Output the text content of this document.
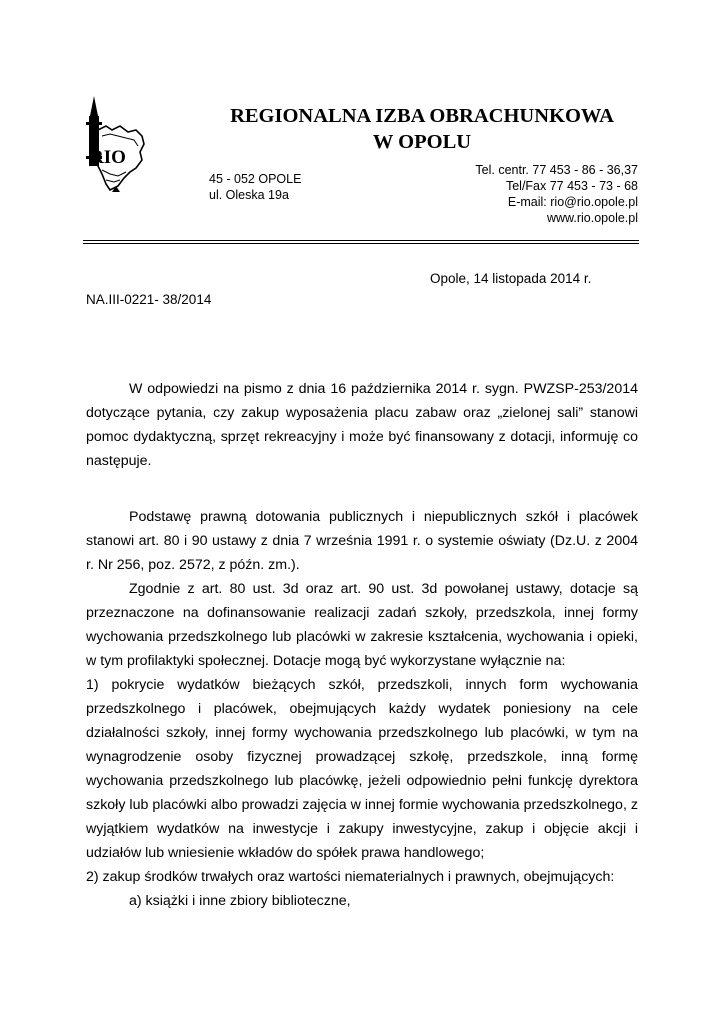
RIO
REGIONALNA IZBA OBRACHUNKOWA
W OPOLU
45 - 052 OPOLE
ul. Oleska 19a
Tel. centr. 77 453 - 86 - 36,37
Tel/Fax 77 453 - 73 - 68
E-mail: rio@rio.opole.pl
www.rio.opole.pl
Opole, 14 listopada 2014 r.
NA.III-0221- 38/2014

W odpowiedzi na pismo z dnia 16 października 2014 r. sygn. PWZSP-253/2014 dotyczące pytania, czy zakup wyposażenia placu zabaw oraz „zielonej sali” stanowi pomoc dydaktyczną, sprzęt rekreacyjny i może być finansowany z dotacji, informuję co następuje.

Podstawę prawną dotowania publicznych i niepublicznych szkół i placówek stanowi art. 80 i 90 ustawy z dnia 7 września 1991 r. o systemie oświaty (Dz.U. z 2004 r. Nr 256, poz. 2572, z późn. zm.).

Zgodnie z art. 80 ust. 3d oraz art. 90 ust. 3d powołanej ustawy, dotacje są przeznaczone na dofinansowanie realizacji zadań szkoły, przedszkola, innej formy wychowania przedszkolnego lub placówki w zakresie kształcenia, wychowania i opieki, w tym profilaktyki społecznej. Dotacje mogą być wykorzystane wyłącznie na:

1) pokrycie wydatków bieżących szkół, przedszkoli, innych form wychowania przedszkolnego i placówek, obejmujących każdy wydatek poniesiony na cele działalności szkoły, innej formy wychowania przedszkolnego lub placówki, w tym na wynagrodzenie osoby fizycznej prowadzącej szkołę, przedszkole, inną formę wychowania przedszkolnego lub placówkę, jeżeli odpowiednio pełni funkcję dyrektora szkoły lub placówki albo prowadzi zajęcia w innej formie wychowania przedszkolnego, z wyjątkiem wydatków na inwestycje i zakupy inwestycyjne, zakup i objęcie akcji i udziałów lub wniesienie wkładów do spółek prawa handlowego;

2) zakup środków trwałych oraz wartości niematerialnych i prawnych, obejmujących:

a) książki i inne zbiory biblioteczne,
